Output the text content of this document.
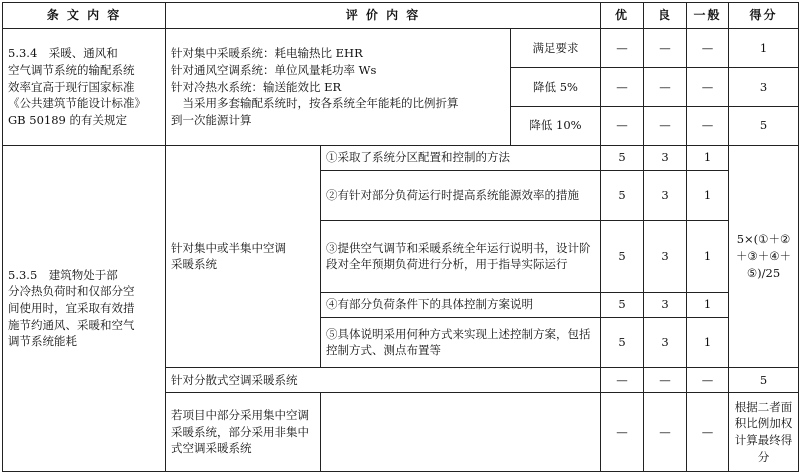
条 文 内 容	评 价 内 容			优	良	一般	得分

5.3.4　采暖、通风和
空气调节系统的输配系统
效率宜高于现行国家标准
《公共建筑节能设计标准》
GB 50189 的有关规定	针对集中采暖系统：耗电输热比 EHR
针对通风空调系统：单位风量耗功率 Ws
针对冷热水系统：输送能效比 ER
　当采用多套输配系统时，按各系统全年能耗的比例折算
到一次能源计算		满足要求	—	—	—	1
			降低 5%	—	—	—	3
			降低 10%	—	—	—	5

5.3.5　建筑物处于部
分冷热负荷时和仅部分空
间使用时，宜采取有效措
施节约通风、采暖和空气
调节系统能耗	针对集中或半集中空调
采暖系统	①采取了系统分区配置和控制的方法		5	3	1	5×(①＋②＋③＋④＋⑤)/25
		②有针对部分负荷运行时提高系统能源效率的措施		5	3	1	
		③提供空气调节和采暖系统全年运行说明书，设计阶段对全年预期负荷进行分析，用于指导实际运行		5	3	1	
		④有部分负荷条件下的具体控制方案说明		5	3	1	
		⑤具体说明采用何种方式来实现上述控制方案，包括控制方式、测点布置等		5	3	1	
	针对分散式空调采暖系统			—	—	—	5
	若项目中部分采用集中空调采暖系统，部分采用非集中式空调采暖系统			—	—	—	根据二者面积比例加权计算最终得分
